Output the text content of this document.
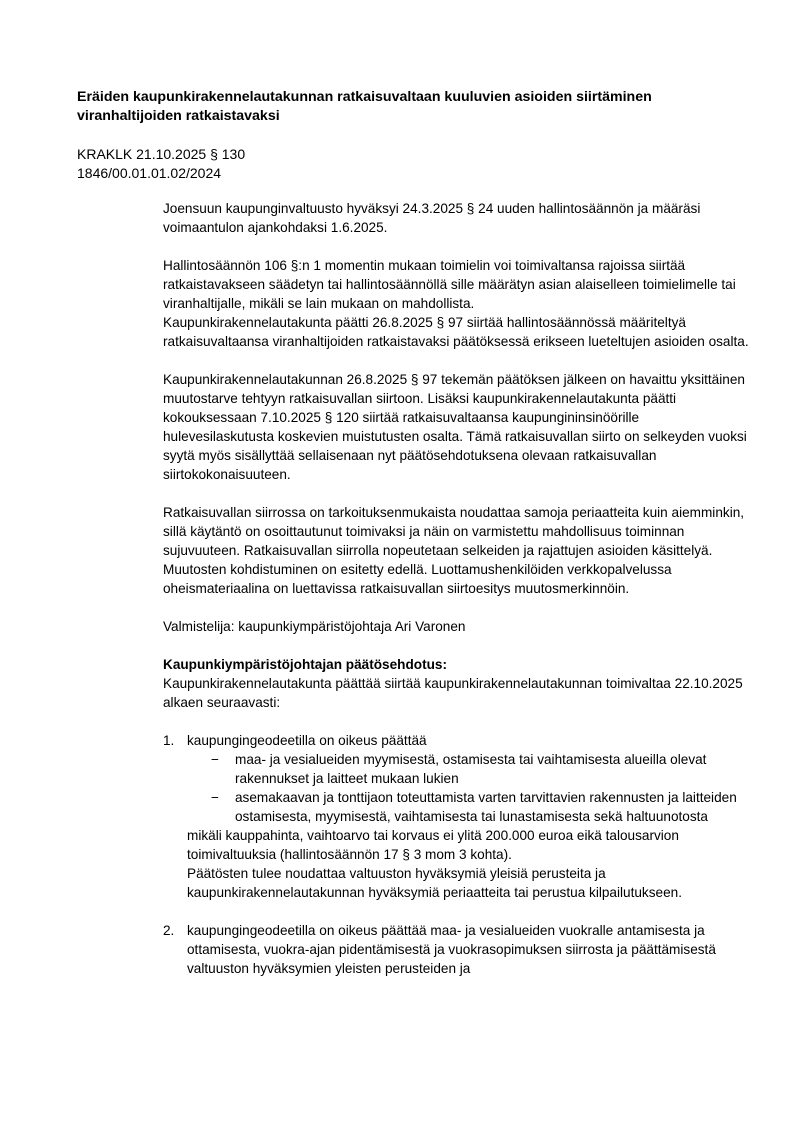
Eräiden kaupunkirakennelautakunnan ratkaisuvaltaan kuuluvien asioiden siirtäminen viranhaltijoiden ratkaistavaksi
KRAKLK 21.10.2025 § 130
1846/00.01.01.02/2024

Joensuun kaupunginvaltuusto hyväksyi 24.3.2025 § 24 uuden hallintosäännön ja määräsi voimaantulon ajankohdaksi 1.6.2025.

Hallintosäännön 106 §:n 1 momentin mukaan toimielin voi toimivaltansa rajoissa siirtää ratkaistavakseen säädetyn tai hallintosäännöllä sille määrätyn asian alaiselleen toimielimelle tai viranhaltijalle, mikäli se lain mukaan on mahdollista.

Kaupunkirakennelautakunta päätti 26.8.2025 § 97 siirtää hallintosäännössä määriteltyä ratkaisuvaltaansa viranhaltijoiden ratkaistavaksi päätöksessä erikseen lueteltujen asioiden osalta.

Kaupunkirakennelautakunnan 26.8.2025 § 97 tekemän päätöksen jälkeen on havaittu yksittäinen muutostarve tehtyyn ratkaisuvallan siirtoon. Lisäksi kaupunkirakennelautakunta päätti kokouksessaan 7.10.2025 § 120 siirtää ratkaisuvaltaansa kaupungininsinöörille hulevesilaskutusta koskevien muistutusten osalta. Tämä ratkaisuvallan siirto on selkeyden vuoksi syytä myös sisällyttää sellaisenaan nyt päätösehdotuksena olevaan ratkaisuvallan siirtokokonaisuuteen.

Ratkaisuvallan siirrossa on tarkoituksenmukaista noudattaa samoja periaatteita kuin aiemminkin, sillä käytäntö on osoittautunut toimivaksi ja näin on varmistettu mahdollisuus toiminnan sujuvuuteen. Ratkaisuvallan siirrolla nopeutetaan selkeiden ja rajattujen asioiden käsittelyä. Muutosten kohdistuminen on esitetty edellä. Luottamushenkilöiden verkkopalvelussa oheismateriaalina on luettavissa ratkaisuvallan siirtoesitys muutosmerkinnöin.

Valmistelija: kaupunkiympäristöjohtaja Ari Varonen

Kaupunkiympäristöjohtajan päätösehdotus:

Kaupunkirakennelautakunta päättää siirtää kaupunkirakennelautakunnan toimivaltaa 22.10.2025 alkaen seuraavasti:

1. kaupungingeodeetilla on oikeus päättää
− maa- ja vesialueiden myymisestä, ostamisesta tai vaihtamisesta alueilla olevat rakennukset ja laitteet mukaan lukien
− asemakaavan ja tonttijaon toteuttamista varten tarvittavien rakennusten ja laitteiden ostamisesta, myymisestä, vaihtamisesta tai lunastamisesta sekä haltuunotosta
mikäli kauppahinta, vaihtoarvo tai korvaus ei ylitä 200.000 euroa eikä talousarvion toimivaltuuksia (hallintosäännön 17 § 3 mom 3 kohta).
Päätösten tulee noudattaa valtuuston hyväksymiä yleisiä perusteita ja kaupunkirakennelautakunnan hyväksymiä periaatteita tai perustua kilpailutukseen.
2. kaupungingeodeetilla on oikeus päättää maa- ja vesialueiden vuokralle antamisesta ja ottamisesta, vuokra-ajan pidentämisestä ja vuokrasopimuksen siirrosta ja päättämisestä valtuuston hyväksymien yleisten perusteiden ja
